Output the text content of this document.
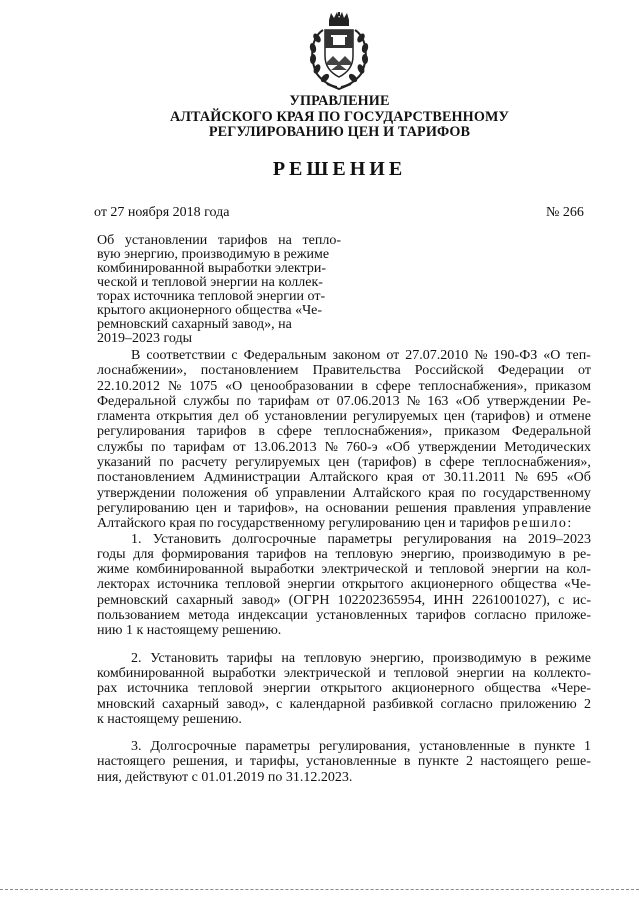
УПРАВЛЕНИЕ
АЛТАЙСКОГО КРАЯ ПО ГОСУДАРСТВЕННОМУ
РЕГУЛИРОВАНИЮ ЦЕН И ТАРИФОВ
РЕШЕНИЕ
от 27 ноября 2018 года	№ 266
Об установлении тарифов на тепло-
вую энергию, производимую в режиме
комбинированной выработки электри-
ческой и тепловой энергии на коллек-
торах источника тепловой энергии от-
крытого акционерного общества «Че-
ремновский сахарный завод», на
2019–2023 годы
В соответствии с Федеральным законом от 27.07.2010 № 190-ФЗ «О теп-
лоснабжении», постановлением Правительства Российской Федерации от
22.10.2012 № 1075 «О ценообразовании в сфере теплоснабжения», приказом
Федеральной службы по тарифам от 07.06.2013 № 163 «Об утверждении Ре-
гламента открытия дел об установлении регулируемых цен (тарифов) и отмене
регулирования тарифов в сфере теплоснабжения», приказом Федеральной
службы по тарифам от 13.06.2013 № 760-э «Об утверждении Методических
указаний по расчету регулируемых цен (тарифов) в сфере теплоснабжения»,
постановлением Администрации Алтайского края от 30.11.2011 № 695 «Об
утверждении положения об управлении Алтайского края по государственному
регулированию цен и тарифов», на основании решения правления управление
Алтайского края по государственному регулированию цен и тарифов
решило:
1. Установить долгосрочные параметры регулирования на 2019–2023
годы для формирования тарифов на тепловую энергию, производимую в ре-
жиме комбинированной выработки электрической и тепловой энергии на кол-
лекторах источника тепловой энергии открытого акционерного общества «Че-
ремновский сахарный завод» (ОГРН 102202365954, ИНН 2261001027), с ис-
пользованием метода индексации установленных тарифов согласно приложе-
нию 1 к настоящему решению.
2. Установить тарифы на тепловую энергию, производимую в режиме
комбинированной выработки электрической и тепловой энергии на коллекто-
рах источника тепловой энергии открытого акционерного общества «Чере-
мновский сахарный завод», с календарной разбивкой согласно приложению 2
к настоящему решению.
3. Долгосрочные параметры регулирования, установленные в пункте 1
настоящего решения, и тарифы, установленные в пункте 2 настоящего реше-
ния, действуют с 01.01.2019 по 31.12.2023.
